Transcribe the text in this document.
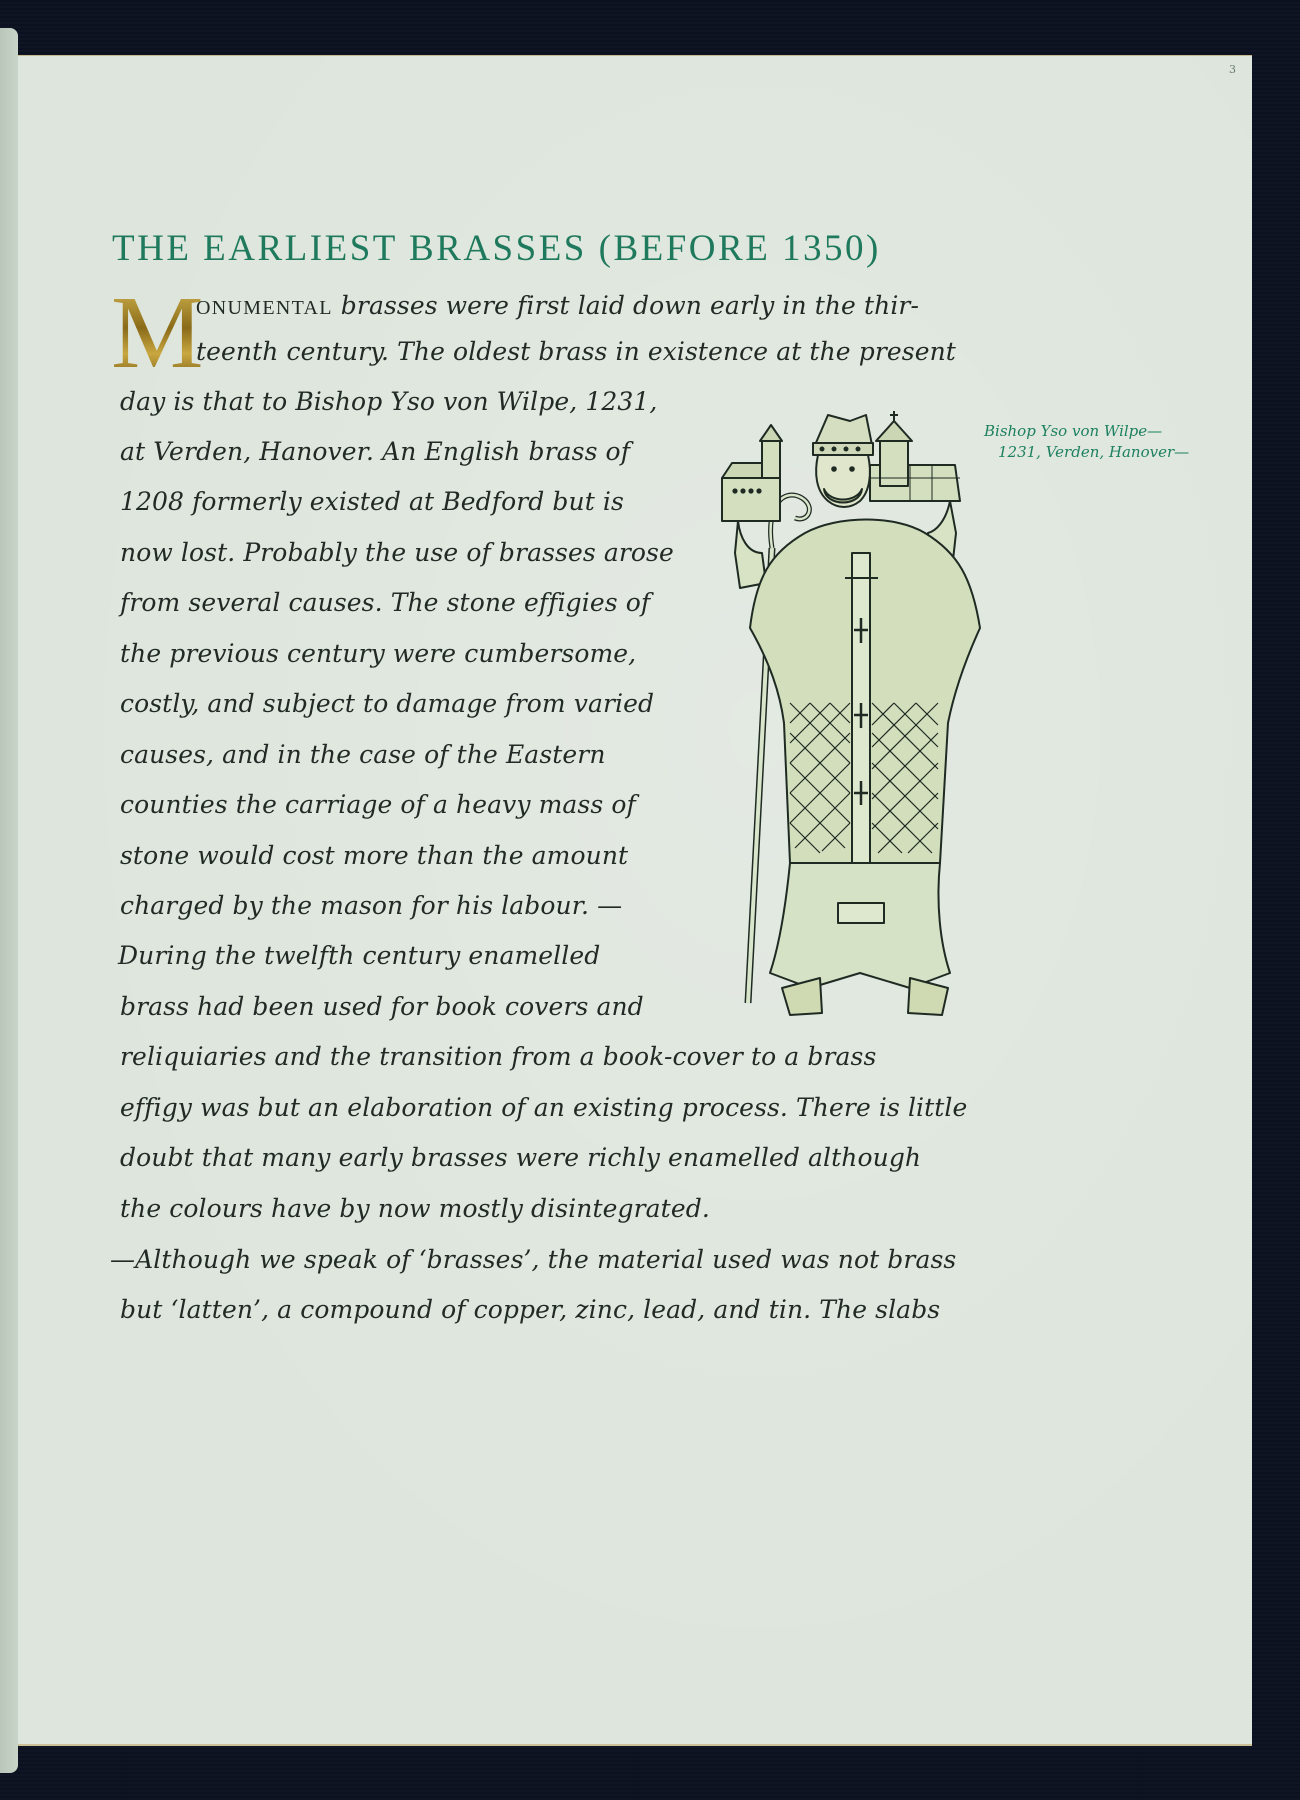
3
THE EARLIEST BRASSES (BEFORE 1350)
M
ONUMENTAL brasses were first laid down early in the thir-
teenth century. The oldest brass in existence at the present
day is that to Bishop Yso von Wilpe, 1231,
at Verden, Hanover. An English brass of
1208 formerly existed at Bedford but is
now lost. Probably the use of brasses arose
from several causes. The stone effigies of
the previous century were cumbersome,
costly, and subject to damage from varied
causes, and in the case of the Eastern
counties the carriage of a heavy mass of
stone would cost more than the amount
charged by the mason for his labour. —
During the twelfth century enamelled
brass had been used for book covers and
reliquiaries and the transition from a book-cover to a brass
effigy was but an elaboration of an existing process. There is little
doubt that many early brasses were richly enamelled although
the colours have by now mostly disintegrated.
—Although we speak of ‘brasses’, the material used was not brass
but ‘latten’, a compound of copper, zinc, lead, and tin. The slabs
Bishop Yso von Wilpe—
1231, Verden, Hanover—
